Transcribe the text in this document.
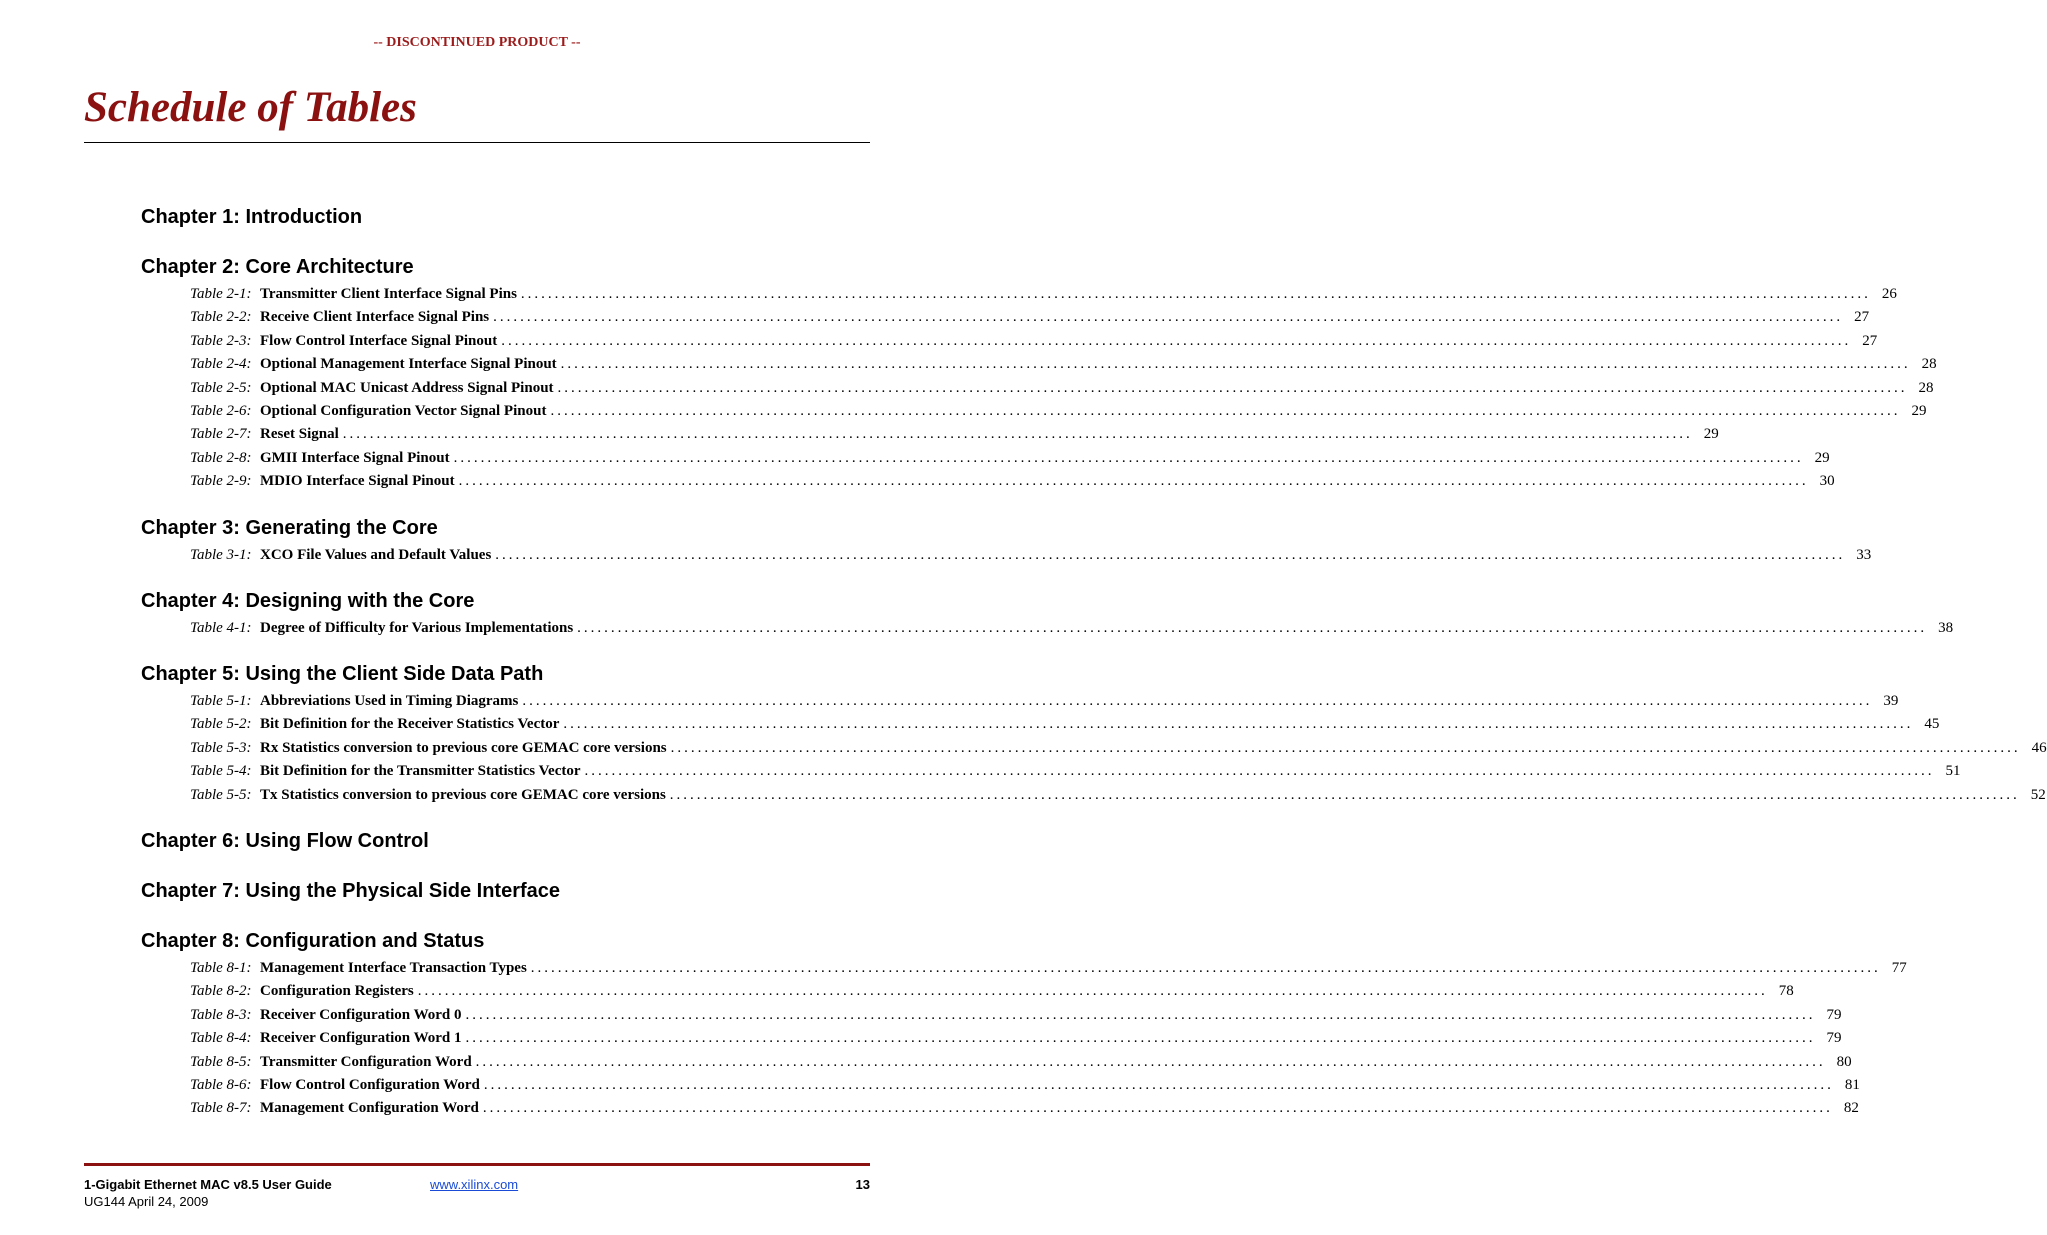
-- DISCONTINUED PRODUCT --
Schedule of Tables
Chapter 1: Introduction
Chapter 2: Core Architecture
Table 2-1: Transmitter Client Interface Signal Pins ........................................................................................................................................................................................................ 26
Table 2-2: Receive Client Interface Signal Pins ........................................................................................................................................................................................................ 27
Table 2-3: Flow Control Interface Signal Pinout ........................................................................................................................................................................................................ 27
Table 2-4: Optional Management Interface Signal Pinout ........................................................................................................................................................................................................ 28
Table 2-5: Optional MAC Unicast Address Signal Pinout ........................................................................................................................................................................................................ 28
Table 2-6: Optional Configuration Vector Signal Pinout ........................................................................................................................................................................................................ 29
Table 2-7: Reset Signal ........................................................................................................................................................................................................ 29
Table 2-8: GMII Interface Signal Pinout ........................................................................................................................................................................................................ 29
Table 2-9: MDIO Interface Signal Pinout ........................................................................................................................................................................................................ 30
Chapter 3: Generating the Core
Table 3-1: XCO File Values and Default Values ........................................................................................................................................................................................................ 33
Chapter 4: Designing with the Core
Table 4-1: Degree of Difficulty for Various Implementations ........................................................................................................................................................................................................ 38
Chapter 5: Using the Client Side Data Path
Table 5-1: Abbreviations Used in Timing Diagrams ........................................................................................................................................................................................................ 39
Table 5-2: Bit Definition for the Receiver Statistics Vector ........................................................................................................................................................................................................ 45
Table 5-3: Rx Statistics conversion to previous core GEMAC core versions ........................................................................................................................................................................................................ 46
Table 5-4: Bit Definition for the Transmitter Statistics Vector ........................................................................................................................................................................................................ 51
Table 5-5: Tx Statistics conversion to previous core GEMAC core versions ........................................................................................................................................................................................................ 52
Chapter 6: Using Flow Control
Chapter 7: Using the Physical Side Interface
Chapter 8: Configuration and Status
Table 8-1: Management Interface Transaction Types ........................................................................................................................................................................................................ 77
Table 8-2: Configuration Registers ........................................................................................................................................................................................................ 78
Table 8-3: Receiver Configuration Word 0 ........................................................................................................................................................................................................ 79
Table 8-4: Receiver Configuration Word 1 ........................................................................................................................................................................................................ 79
Table 8-5: Transmitter Configuration Word ........................................................................................................................................................................................................ 80
Table 8-6: Flow Control Configuration Word ........................................................................................................................................................................................................ 81
Table 8-7: Management Configuration Word ........................................................................................................................................................................................................ 82
1-Gigabit Ethernet MAC v8.5 User Guide
UG144 April 24, 2009
www.xilinx.com	13
